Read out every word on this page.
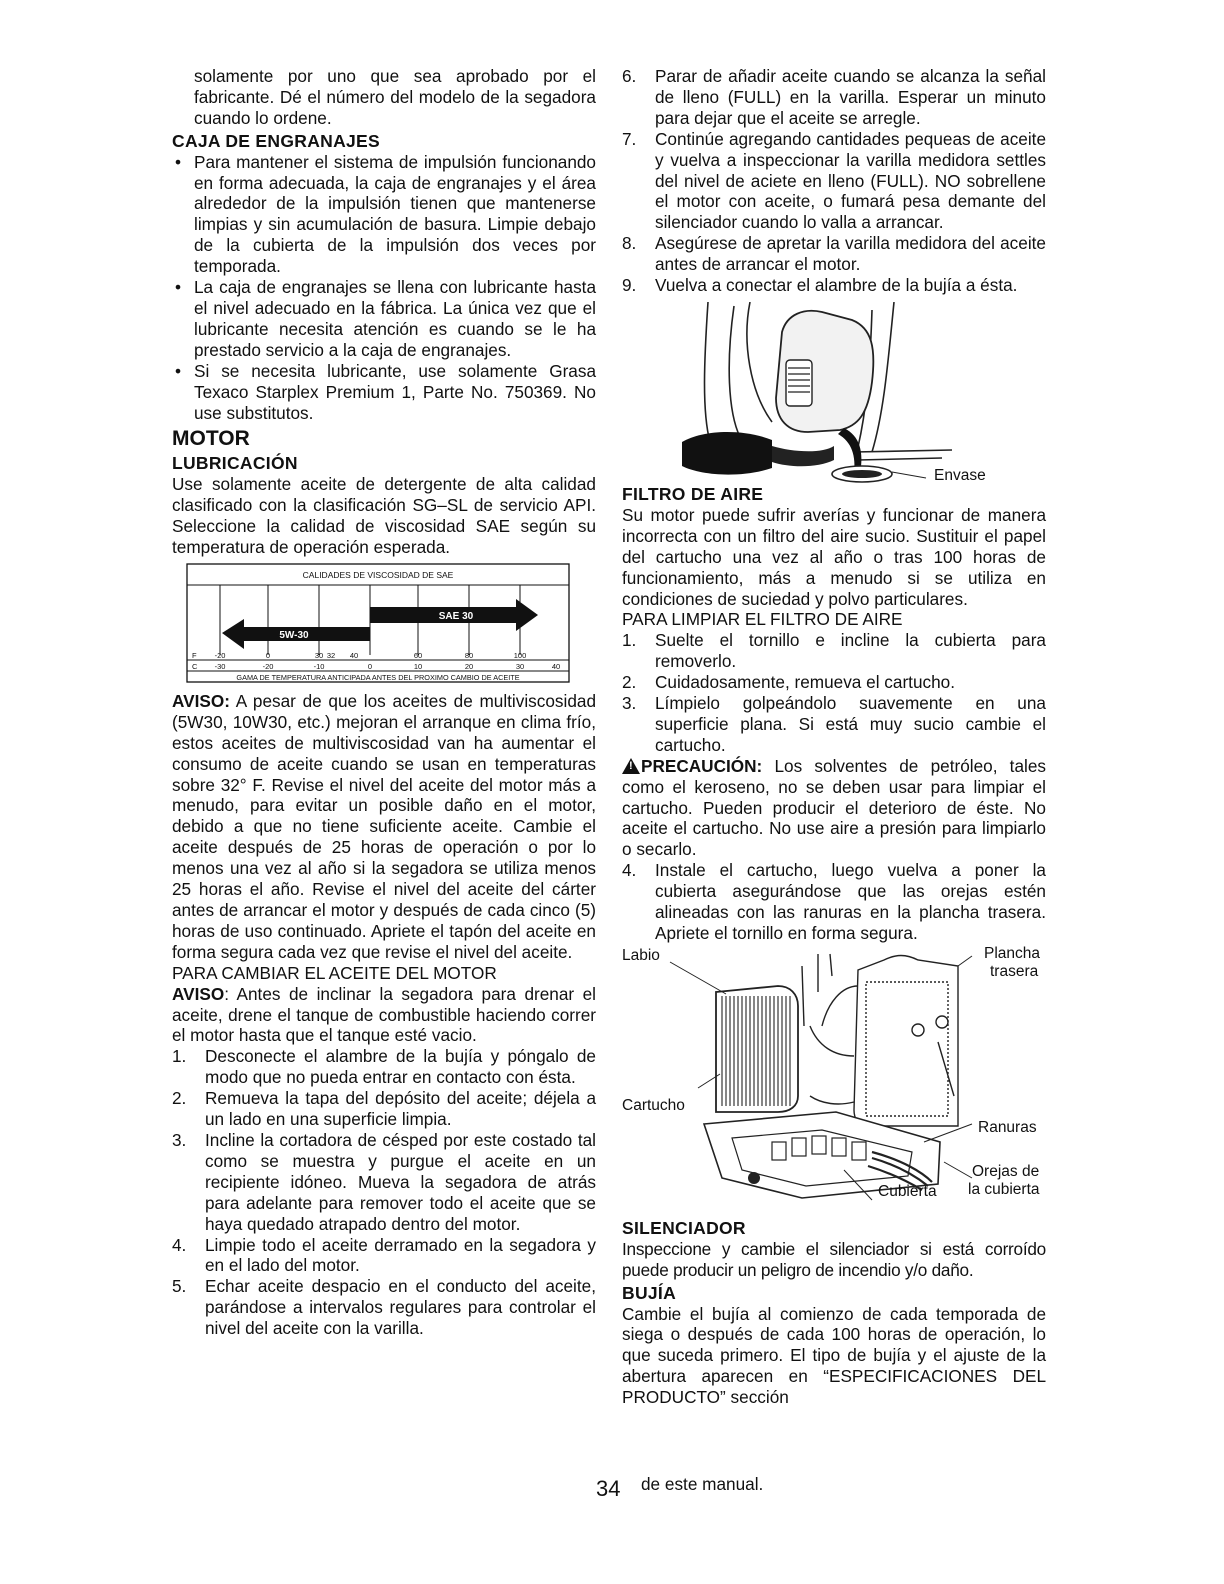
solamente por uno que sea aprobado por el fabricante. Dé el número del modelo de la segadora cuando lo ordene.

CAJA DE ENGRANAJES
• Para mantener el sistema de impulsión funcionando en forma adecuada, la caja de engranajes y el área alrededor de la impulsión tienen que mantenerse limpias y sin acumulación de basura. Limpie debajo de la cubierta de la impulsión dos veces por temporada.
• La caja de engranajes se llena con lubricante hasta el nivel adecuado en la fábrica. La única vez que el lubricante necesita atención es cuando se le ha prestado servicio a la caja de engranajes.
• Si se necesita lubricante, use solamente Grasa Texaco Starplex Premium 1, Parte No. 750369. No use substitutos.
MOTOR
LUBRICACIÓN

Use solamente aceite de detergente de alta calidad clasificado con la clasificación SG–SL de servicio API. Seleccione la calidad de viscosidad SAE según su temperatura de operación esperada.

CALIDADES DE VISCOSIDAD DE SAE
SAE 30
5W-30
F -20	0	30 32 40	60	80	100
C -30	-20	-10	0	10	20	30	40
GAMA DE TEMPERATURA ANTICIPADA ANTES DEL PROXIMO CAMBIO DE ACEITE

AVISO: A pesar de que los aceites de multiviscosidad (5W30, 10W30, etc.) mejoran el arranque en clima frío, estos aceites de multiviscosidad van ha aumentar el consumo de aceite cuando se usan en temperaturas sobre 32° F. Revise el nivel del aceite del motor más a menudo, para evitar un posible daño en el motor, debido a que no tiene suficiente aceite. Cambie el aceite después de 25 horas de operación o por lo menos una vez al año si la segadora se utiliza menos 25 horas el año. Revise el nivel del aceite del cárter antes de arrancar el motor y después de cada cinco (5) horas de uso continuado. Apriete el tapón del aceite en forma segura cada vez que revise el nivel del aceite.

PARA CAMBIAR EL ACEITE DEL MOTOR

AVISO: Antes de inclinar la segadora para drenar el aceite, drene el tanque de combustible haciendo correr el motor hasta que el tanque esté vacio.

1. Desconecte el alambre de la bujía y póngalo de modo que no pueda entrar en contacto con ésta.
2. Remueva la tapa del depósito del aceite; déjela a un lado en una superficie limpia.
3. Incline la cortadora de césped por este costado tal como se muestra y purgue el aceite en un recipiente idóneo. Mueva la segadora de atrás para adelante para remover todo el aceite que se haya quedado atrapado dentro del motor.
4. Limpie todo el aceite derramado en la segadora y en el lado del motor.
5. Echar aceite despacio en el conducto del aceite, parándose a intervalos regulares para controlar el nivel del aceite con la varilla.
6. Parar de añadir aceite cuando se alcanza la señal de lleno (FULL) en la varilla. Esperar un minuto para dejar que el aceite se arregle.
7. Continúe agregando cantidades pequeas de aceite y vuelva a inspeccionar la varilla medidora settles del nivel de aciete en lleno (FULL). NO sobrellene el motor con aceite, o fumará pesa demante del silenciador cuando lo valla a arrancar.
8. Asegúrese de apretar la varilla medidora del aceite antes de arrancar el motor.
9. Vuelva a conectar el alambre de la bujía a ésta.
Envase
FILTRO DE AIRE

Su motor puede sufrir averías y funcionar de manera incorrecta con un filtro del aire sucio. Sustituir el papel del cartucho una vez al año o tras 100 horas de funcionamiento, más a menudo si se utiliza en condiciones de suciedad y polvo particulares.

PARA LIMPIAR EL FILTRO DE AIRE

1. Suelte el tornillo e incline la cubierta para removerlo.
2. Cuidadosamente, remueva el cartucho.
3. Límpielo golpeándolo suavemente en una superficie plana. Si está muy sucio cambie el cartucho.

!PRECAUCIÓN: Los solventes de petróleo, tales como el keroseno, no se deben usar para limpiar el cartucho. Pueden producir el deterioro de éste. No aceite el cartucho. No use aire a presión para limpiarlo o secarlo.

4. Instale el cartucho, luego vuelva a poner la cubierta asegurándose que las orejas estén alineadas con las ranuras en la plancha trasera. Apriete el tornillo en forma segura.
Labio	Plancha
trasera
Cartucho
Ranuras
Orejas de
la cubierta
Cubierta
SILENCIADOR

Inspeccione y cambie el silenciador si está corroído puede producir un peligro de incendio y/o daño.

BUJÍA

Cambie el bujía al comienzo de cada temporada de siega o después de cada 100 horas de operación, lo que suceda primero. El tipo de bujía y el ajuste de la abertura aparecen en “ESPECIFICACIONES DEL PRODUCTO” sección

34 de este manual.
